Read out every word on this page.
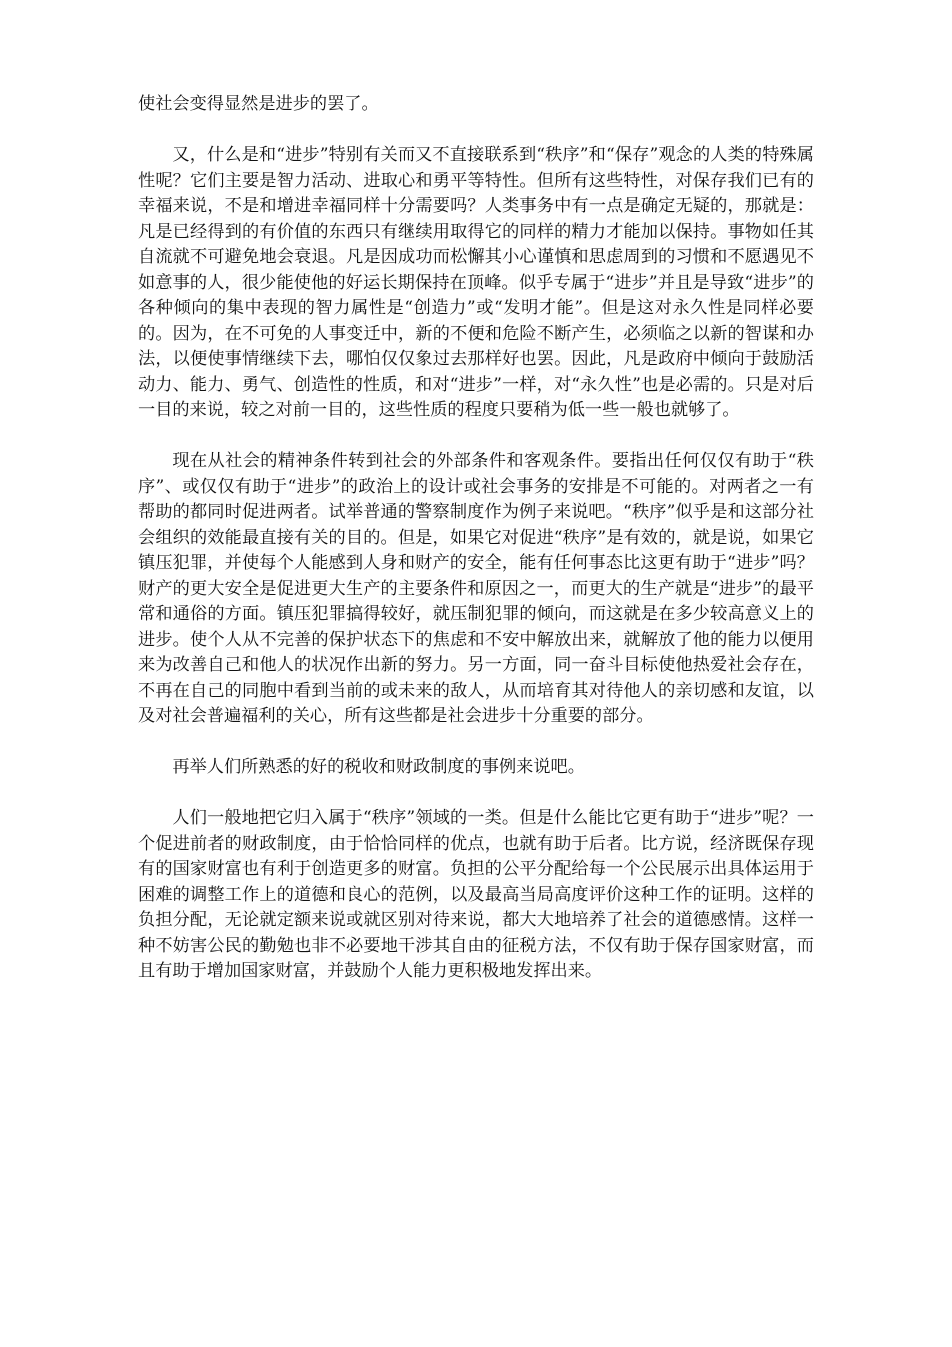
使社会变得显然是进步的罢了。

又，什么是和“进步”特别有关而又不直接联系到“秩序”和“保存”观念的人类的特殊属性呢？它们主要是智力活动、进取心和勇平等特性。但所有这些特性，对保存我们已有的幸福来说，不是和增进幸福同样十分需要吗？人类事务中有一点是确定无疑的，那就是：凡是已经得到的有价值的东西只有继续用取得它的同样的精力才能加以保持。事物如任其自流就不可避免地会衰退。凡是因成功而松懈其小心谨慎和思虑周到的习惯和不愿遇见不如意事的人，很少能使他的好运长期保持在顶峰。似乎专属于“进步”并且是导致“进步”的各种倾向的集中表现的智力属性是“创造力”或“发明才能”。但是这对永久性是同样必要的。因为，在不可免的人事变迁中，新的不便和危险不断产生，必须临之以新的智谋和办法，以便使事情继续下去，哪怕仅仅象过去那样好也罢。因此，凡是政府中倾向于鼓励活动力、能力、勇气、创造性的性质，和对“进步”一样，对“永久性”也是必需的。只是对后一目的来说，较之对前一目的，这些性质的程度只要稍为低一些一般也就够了。

现在从社会的精神条件转到社会的外部条件和客观条件。要指出任何仅仅有助于“秩序”、或仅仅有助于“进步”的政治上的设计或社会事务的安排是不可能的。对两者之一有帮助的都同时促进两者。试举普通的警察制度作为例子来说吧。“秩序”似乎是和这部分社会组织的效能最直接有关的目的。但是，如果它对促进“秩序”是有效的，就是说，如果它镇压犯罪，并使每个人能感到人身和财产的安全，能有任何事态比这更有助于“进步”吗？财产的更大安全是促进更大生产的主要条件和原因之一，而更大的生产就是“进步”的最平常和通俗的方面。镇压犯罪搞得较好，就压制犯罪的倾向，而这就是在多少较高意义上的进步。使个人从不完善的保护状态下的焦虑和不安中解放出来，就解放了他的能力以便用来为改善自己和他人的状况作出新的努力。另一方面，同一奋斗目标使他热爱社会存在，不再在自己的同胞中看到当前的或未来的敌人，从而培育其对待他人的亲切感和友谊，以及对社会普遍福利的关心，所有这些都是社会进步十分重要的部分。

再举人们所熟悉的好的税收和财政制度的事例来说吧。

人们一般地把它归入属于“秩序”领域的一类。但是什么能比它更有助于“进步”呢？一个促进前者的财政制度，由于恰恰同样的优点，也就有助于后者。比方说，经济既保存现有的国家财富也有利于创造更多的财富。负担的公平分配给每一个公民展示出具体运用于困难的调整工作上的道德和良心的范例，以及最高当局高度评价这种工作的证明。这样的负担分配，无论就定额来说或就区别对待来说，都大大地培养了社会的道德感情。这样一种不妨害公民的勤勉也非不必要地干涉其自由的征税方法，不仅有助于保存国家财富，而且有助于增加国家财富，并鼓励个人能力更积极地发挥出来。
